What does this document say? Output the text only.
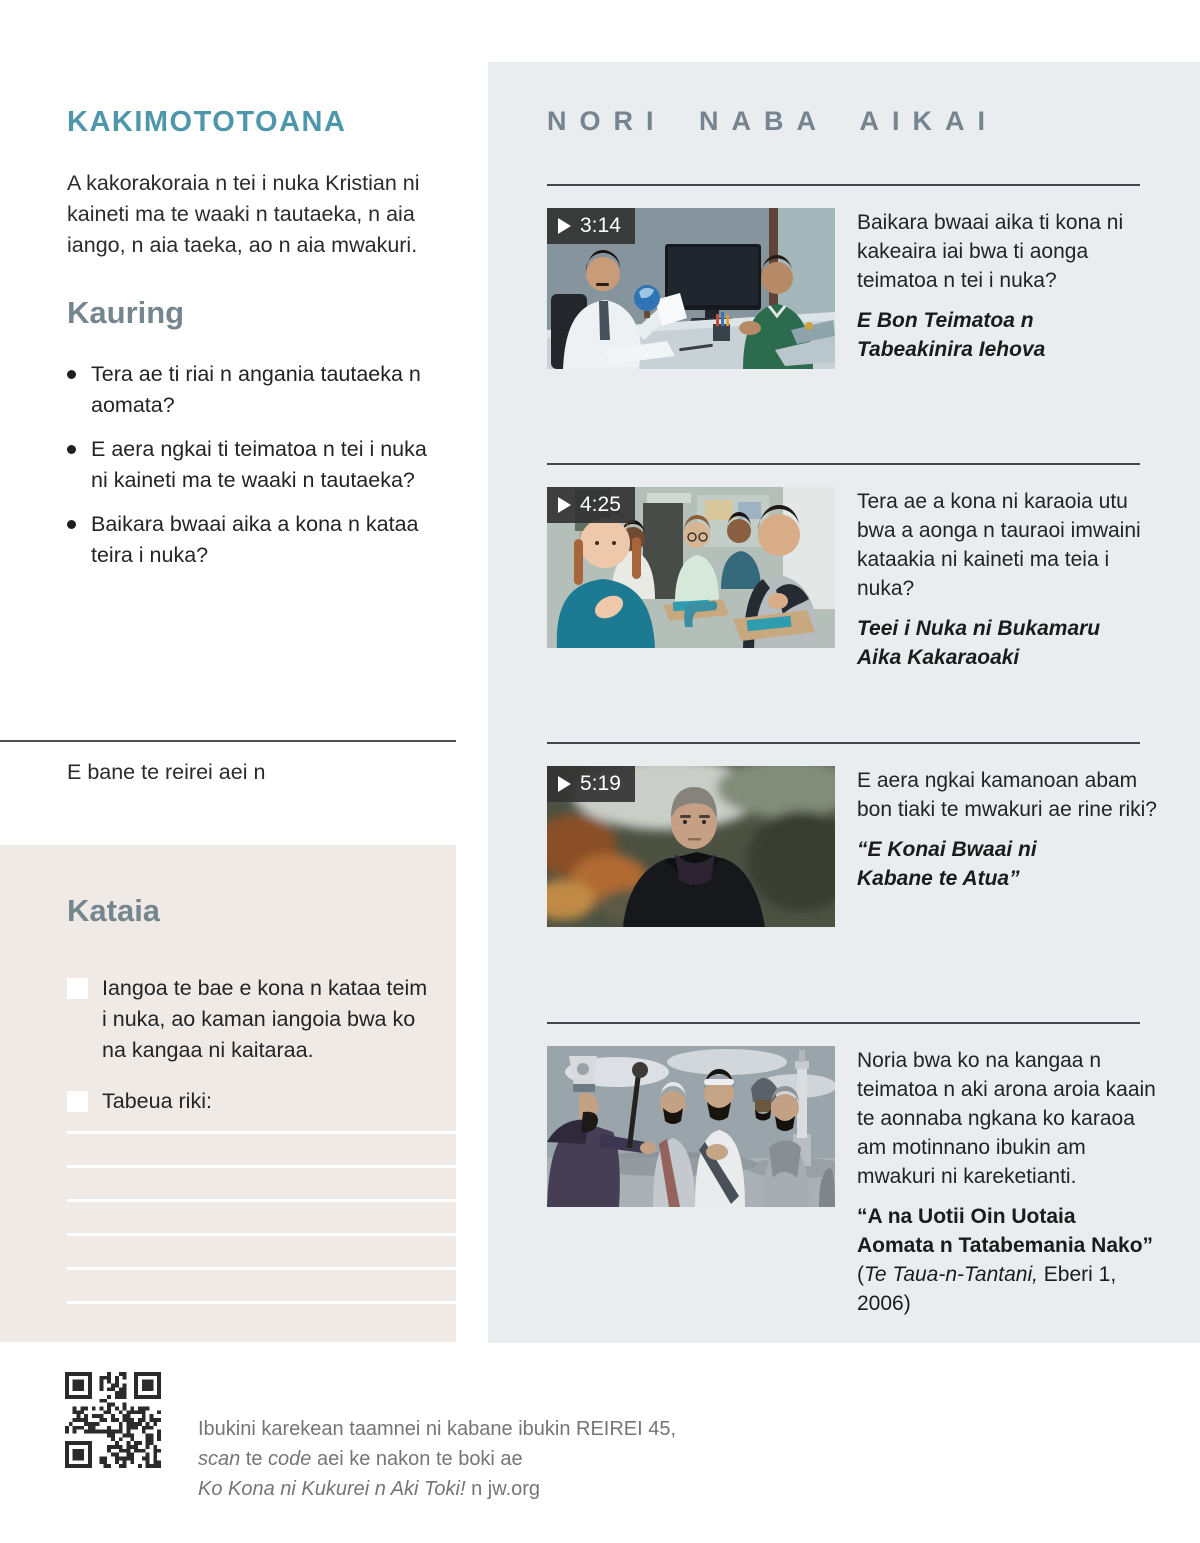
KAKIMOTOTOANA

A kakorakoraia n tei i nuka Kristian ni kaineti ma te waaki n tautaeka, n aia iango, n aia taeka, ao n aia mwakuri.

Kauring
Tera ae ti riai n angania tautaeka n aomata?
E aera ngkai ti teimatoa n tei i nuka ni kaineti ma te waaki n tautaeka?
Baikara bwaai aika a kona n kataa teira i nuka?

E bane te reirei aei n

Kataia

Iangoa te bae e kona n kataa teim i nuka, ao kaman iangoia bwa ko na kangaa ni kaitaraa.

Tabeua riki:

Ibukini karekean taamnei ni kabane ibukin REIREI 45,
scan te code aei ke nakon te boki ae
Ko Kona ni Kukurei n Aki Toki! n jw.org
NORI NABA AIKAI
3:14	Baikara bwaai aika ti kona ni kakeaira iai bwa ti aonga teimatoa n tei i nuka?

E Bon Teimatoa n Tabeakinira Iehova

4:25	Tera ae a kona ni karaoia utu bwa a aonga n tauraoi imwaini kataakia ni kaineti ma teia i nuka?

Teei i Nuka ni Bukamaru Aika Kakaraoaki

5:19	E aera ngkai kamanoan abam bon tiaki te mwakuri ae rine riki?

“E Konai Bwaai ni Kabane te Atua”

Noria bwa ko na kangaa n teimatoa n aki arona aroia kaain te aonnaba ngkana ko karaoa am motinnano ibukin am mwakuri ni kareketianti.

“A na Uotii Oin Uotaia Aomata n Tatabemania Nako” (Te Taua-n-Tantani, Eberi 1, 2006)
